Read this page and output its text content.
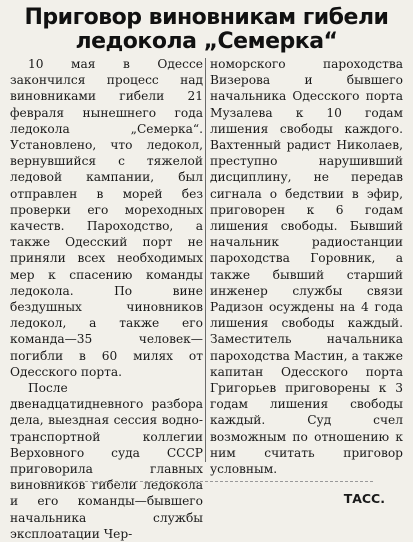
Приговор виновникам гибели
ледокола „Семерка“

10 мая в Одессе закончился процесс над виновниками гибели 21 февраля нынешнего года ледокола „Семерка“. Установлено, что ледокол, вернувшийся с тяжелой ледовой кампании, был отправлен в морей без проверки его мореходных качеств. Пароходство, а также Одесский порт не приняли всех необходимых мер к спасению команды ледокола. По вине бездушных чиновников ледокол, а также его команда—35 человек—погибли в 60 милях от Одесского порта.

После двенадцатидневного разбора дела, выездная сессия водно-транспортной коллегии Верховного суда СССР приговорила главных виновников гибели ледокола и его команды—бывшего начальника службы эксплоатации Чер-

номорского пароходства Визерова и бывшего начальника Одесского порта Музалева к 10 годам лишения свободы каждого. Вахтенный радист Николаев, преступно нарушивший дисциплину, не передав сигнала о бедствии в эфир, приговорен к 6 годам лишения свободы. Бывший начальник радиостанции пароходства Горовник, а также бывший старший инженер службы связи Радизон осуждены на 4 года лишения свободы каждый. Заместитель начальника пароходства Мастин, а также капитан Одесского порта Григорьев приговорены к 3 годам лишения свободы каждый. Суд счел возможным по отношению к ним считать приговор условным.

ТАСС.
